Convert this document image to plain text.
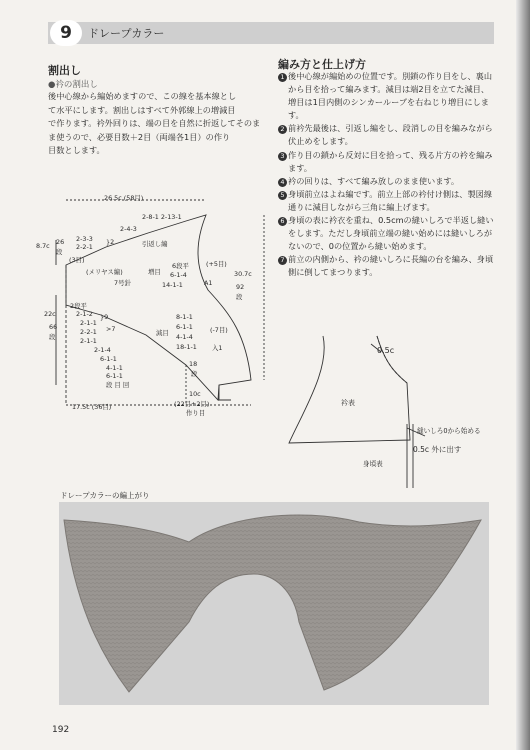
9	ドレープカラー
割出し
●衿の割出し
後中心線から編始めますので、この線を基本線とし
て水平にします。割出しはすべて外郭線上の増減目
で作ります。衿外回りは、端の目を自然に折返してそのま
ま使うので、必要目数＋2目（両端各1目）の作り
目数とします。
26.5c (58目)
8.7c 26
段
22c
66
段
30.7c
92
段
17.5c (36目)
10c
(22目+2目)
作り目
2-8-1 2-13-1
2-4-3
2-3-3
2-2-1
}2	引返し編
(3目)
(メリヤス編)
7号針
増目
6段平
6-1-4
14-1-1
(+5目)
A1
2段平
2-1-2
2-1-1
2-2-1
2-1-1
2-1-4
6-1-1
4-1-1
6-1-1
段 目 回
}9
>7
8-1-1
6-1-1
4-1-4
18-1-1
減目	(-7目)
入1
18
段
編み方と仕上げ方

1 後中心線が編始めの位置です。別鎖の作り目をし、裏山から目を拾って編みます。減目は端2目を立てた減目、増目は1目内側のシンカーループを右ねじり増目にします。

2 前衿先最後は、引返し編をし、段消しの目を編みながら伏止めをします。

3 作り目の鎖から反対に目を拾って、残る片方の衿を編みます。

4 衿の回りは、すべて編み放しのまま使います。

5 身頃前立はよね編です。前立上部の衿付け側は、製図線通りに減目しながら三角に編上げます。

6 身頃の表に衿衣を重ね、0.5cmの縫いしろで半返し縫いをします。ただし身頃前立端の縫い始めには縫いしろがないので、0の位置から縫い始めます。

7 前立の内側から、衿の縫いしろに長編の台を編み、身頃側に倒してまつります。

0.5c
衿表
縫いしろ0から始める
0.5c 外に出す
身頃表
ドレープカラーの編上がり
192
